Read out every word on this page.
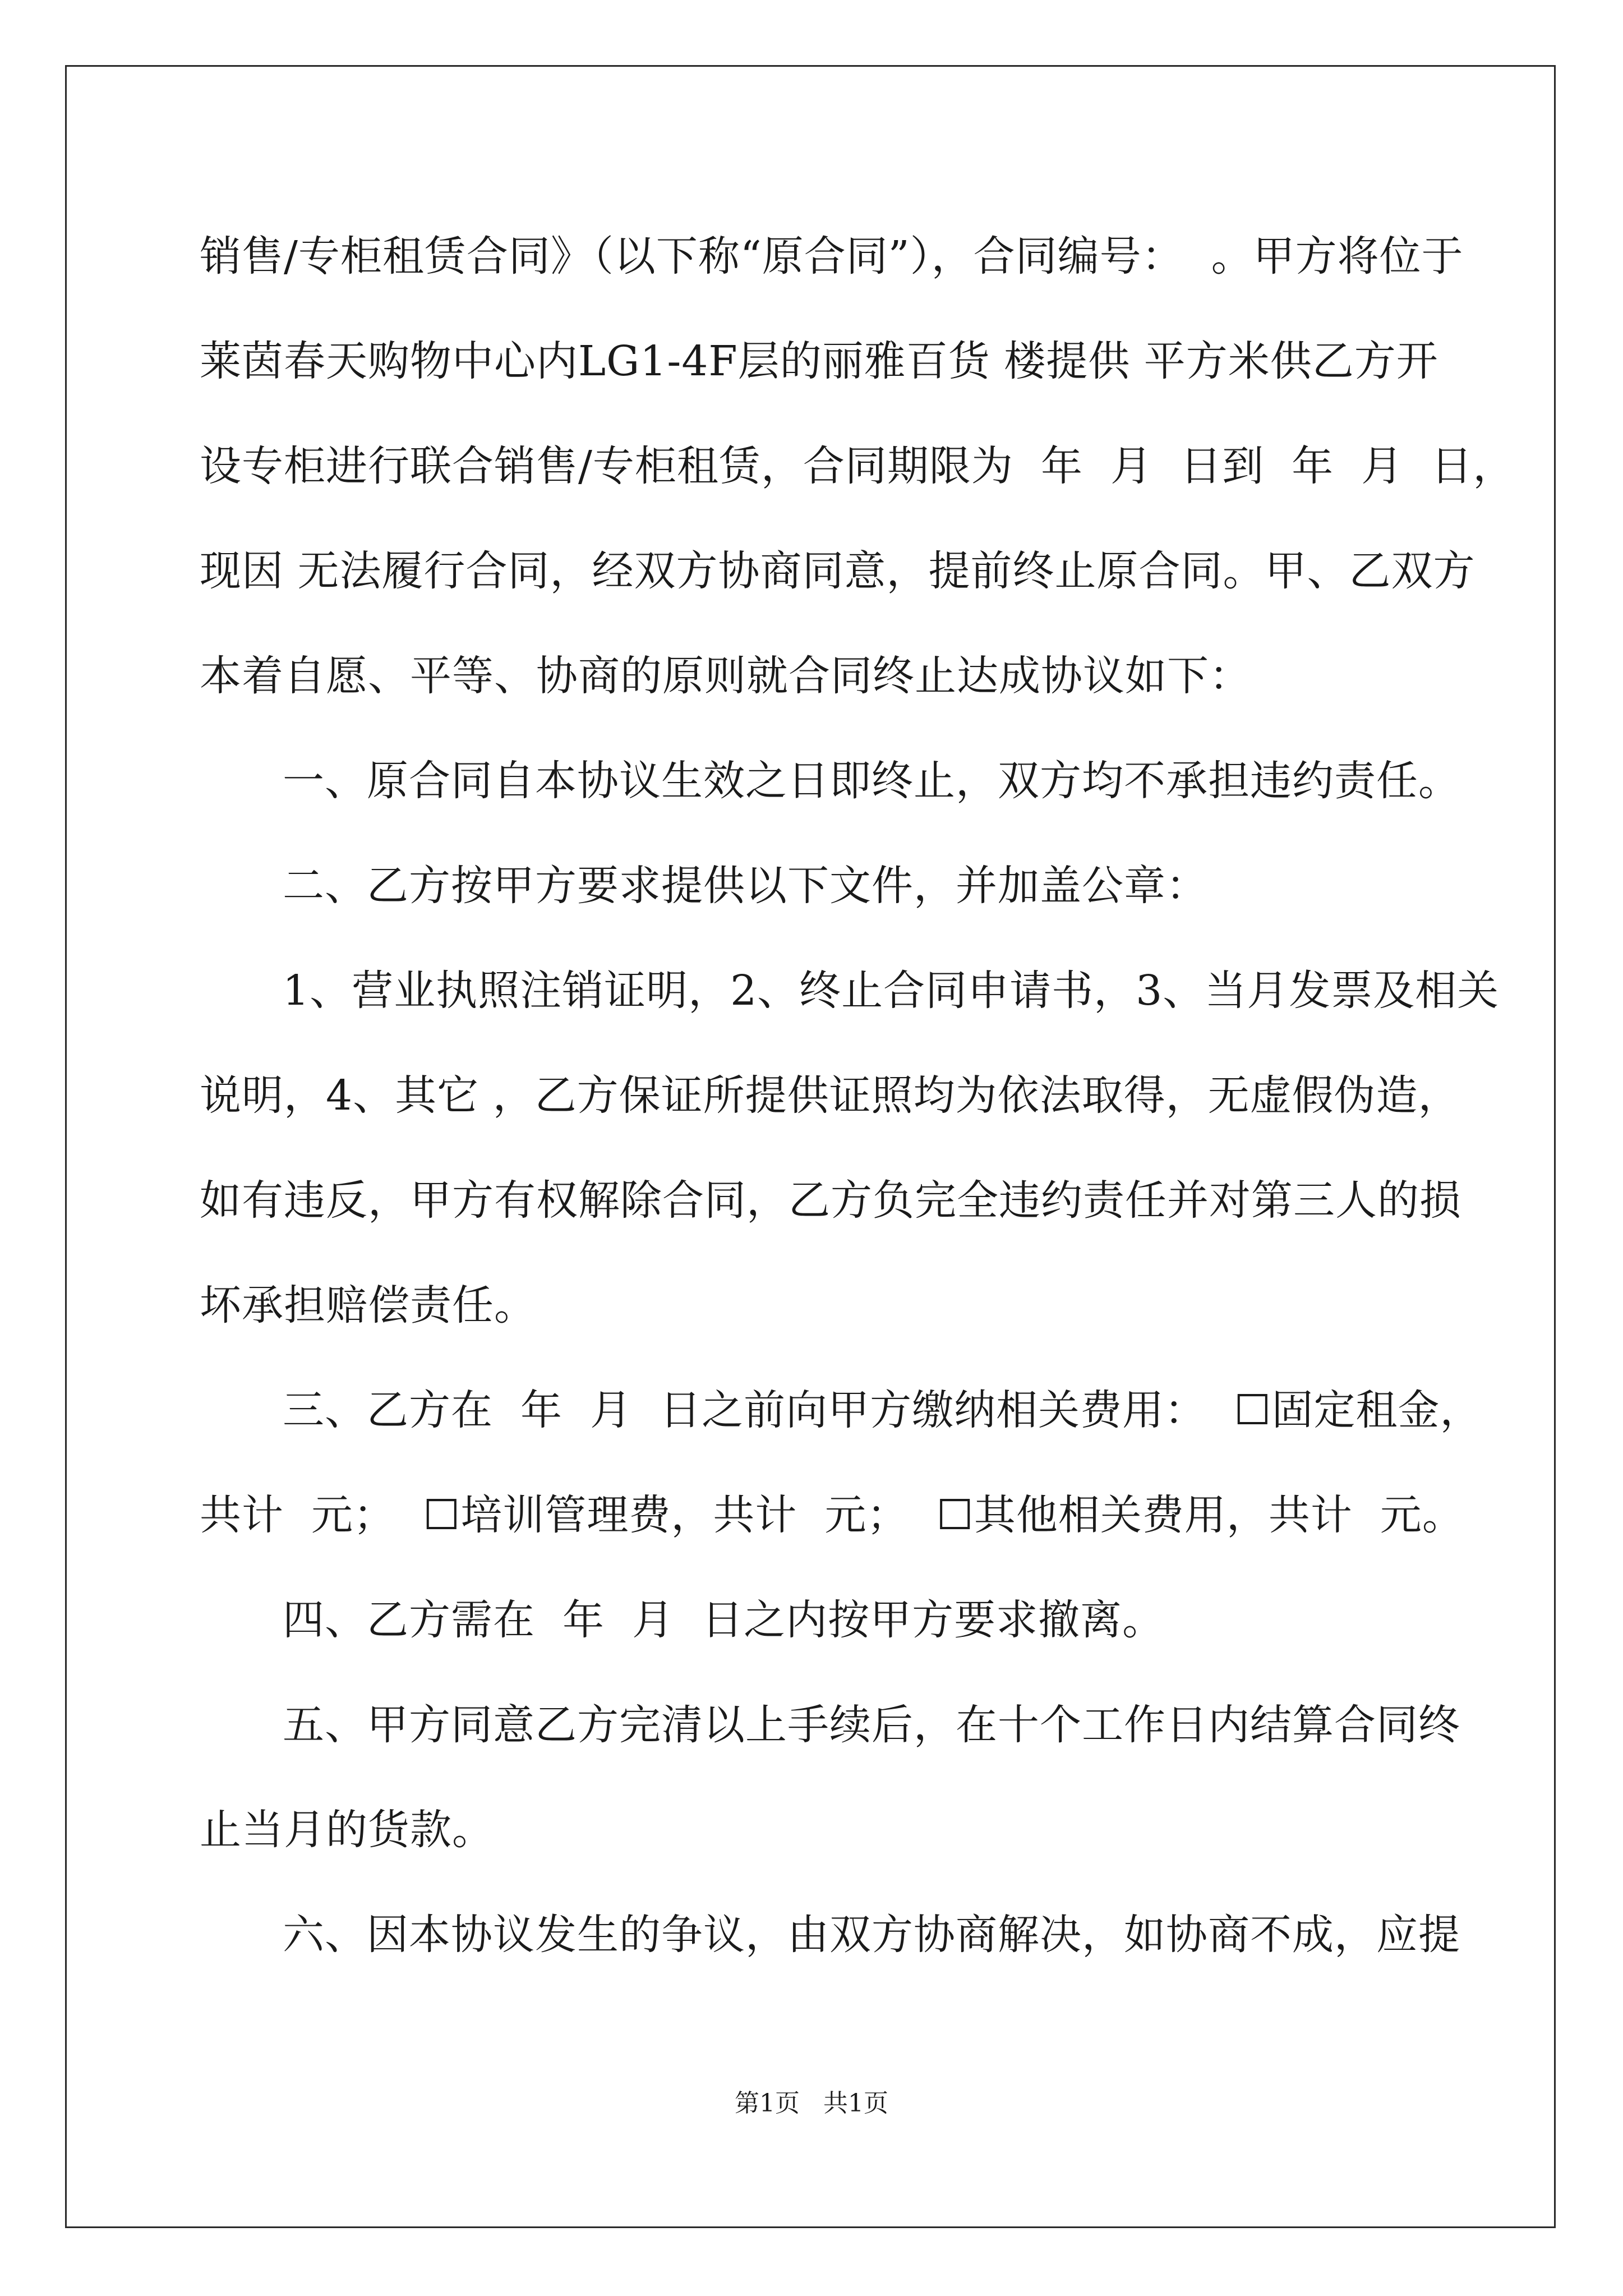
销售/专柜租赁合同》（以下称“原合同”），合同编号：  。甲方将位于
莱茵春天购物中心内LG1-4F层的丽雅百货 楼提供 平方米供乙方开
设专柜进行联合销售/专柜租赁，合同期限为  年  月  日到  年  月  日，
现因 无法履行合同，经双方协商同意，提前终止原合同。甲、乙双方
本着自愿、平等、协商的原则就合同终止达成协议如下：
一、原合同自本协议生效之日即终止，双方均不承担违约责任。
二、乙方按甲方要求提供以下文件，并加盖公章：
1、营业执照注销证明，2、终止合同申请书，3、当月发票及相关
说明，4、其它 ，乙方保证所提供证照均为依法取得，无虚假伪造，
如有违反，甲方有权解除合同，乙方负完全违约责任并对第三人的损
坏承担赔偿责任。
三、乙方在  年  月  日之前向甲方缴纳相关费用：  ☐固定租金，
共计  元；  ☐培训管理费，共计  元；  ☐其他相关费用，共计  元。
四、乙方需在  年  月  日之内按甲方要求撤离。
五、甲方同意乙方完清以上手续后，在十个工作日内结算合同终
止当月的货款。
六、因本协议发生的争议，由双方协商解决，如协商不成，应提
第1页   共1页
